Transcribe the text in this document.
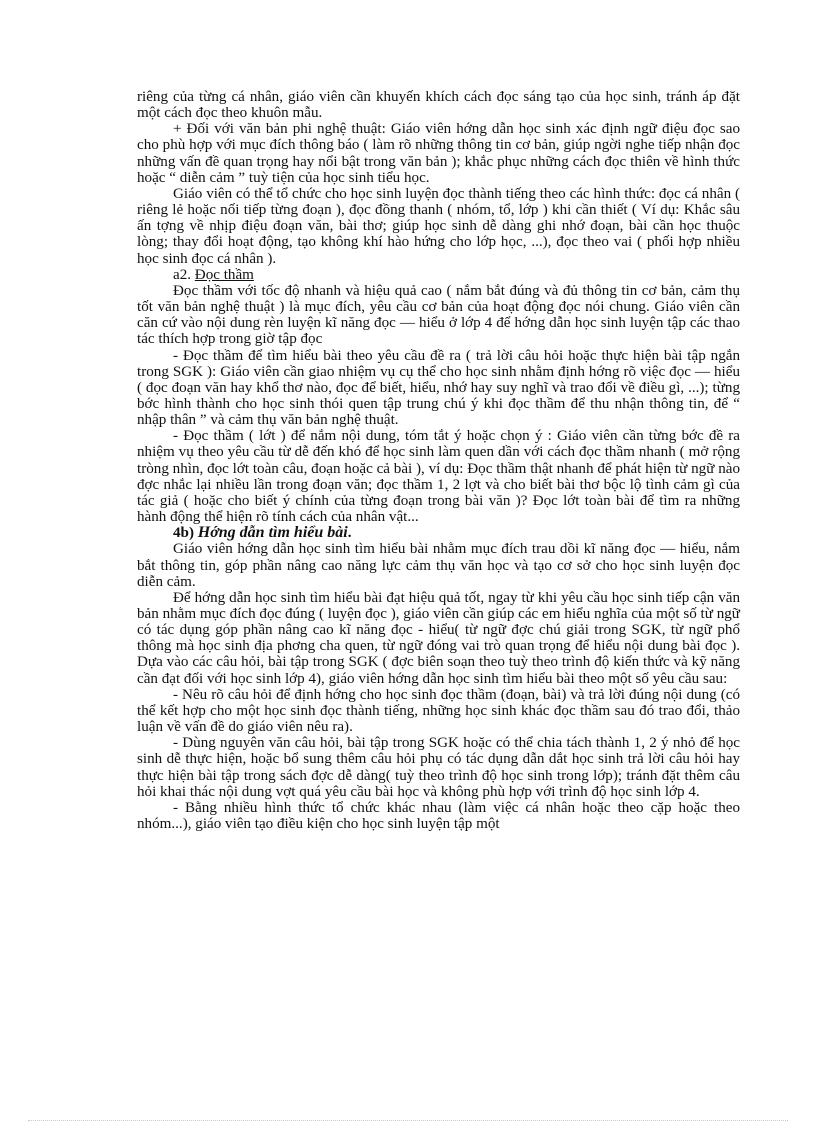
riêng của từng cá nhân, giáo viên cần khuyến khích cách đọc sáng tạo của học sinh, tránh áp đặt một cách đọc theo khuôn mẫu.

+ Đối với văn bản phi nghệ thuật: Giáo viên hớng dẫn học sinh xác định ngữ điệu đọc sao cho phù hợp với mục đích thông báo ( làm rõ những thông tin cơ bản, giúp ngời nghe tiếp nhận đọc những vấn đề quan trọng hay nổi bật trong văn bản ); khắc phục những cách đọc thiên về hình thức hoặc “ diễn cảm ” tuỳ tiện của học sinh tiểu học.

Giáo viên có thể tổ chức cho học sinh luyện đọc thành tiếng theo các hình thức: đọc cá nhân ( riêng lẻ hoặc nối tiếp từng đoạn ), đọc đồng thanh ( nhóm, tổ, lớp ) khi cần thiết ( Ví dụ: Khắc sâu ấn tợng về nhịp điệu đoạn văn, bài thơ; giúp học sinh dễ dàng ghi nhớ đoạn, bài cần học thuộc lòng; thay đổi hoạt động, tạo không khí hào hứng cho lớp học, ...), đọc theo vai ( phối hợp nhiều học sinh đọc cá nhân ).

a2. Đọc thầm

Đọc thầm với tốc độ nhanh và hiệu quả cao ( nắm bắt đúng và đủ thông tin cơ bản, cảm thụ tốt văn bản nghệ thuật ) là mục đích, yêu cầu cơ bản của hoạt động đọc nói chung. Giáo viên cần căn cứ vào nội dung rèn luyện kĩ năng đọc — hiểu ở lớp 4 để hớng dẫn học sinh luyện tập các thao tác thích hợp trong giờ tập đọc

- Đọc thầm để tìm hiểu bài theo yêu cầu đề ra ( trả lời câu hỏi hoặc thực hiện bài tập ngắn trong SGK ): Giáo viên cần giao nhiệm vụ cụ thể cho học sinh nhằm định hớng rõ việc đọc — hiểu ( đọc đoạn văn hay khổ thơ nào, đọc để biết, hiểu, nhớ hay suy nghĩ và trao đổi về điều gì, ...); từng bớc hình thành cho học sinh thói quen tập trung chú ý khi đọc thầm để thu nhận thông tin, để “ nhập thân ” và cảm thụ văn bản nghệ thuật.

- Đọc thầm ( lớt ) để nắm nội dung, tóm tắt ý hoặc chọn ý : Giáo viên cần từng bớc đề ra nhiệm vụ theo yêu cầu từ dễ đến khó để học sinh làm quen dần với cách đọc thầm nhanh ( mở rộng tròng nhìn, đọc lớt toàn câu, đoạn hoặc cả bài ), ví dụ: Đọc thầm thật nhanh để phát hiện từ ngữ nào đợc nhắc lại nhiều lần trong đoạn văn; đọc thầm 1, 2 lợt và cho biết bài thơ bộc lộ tình cảm gì của tác giả ( hoặc cho biết ý chính của từng đoạn trong bài văn )? Đọc lớt toàn bài để tìm ra những hành động thể hiện rõ tính cách của nhân vật...

4b) Hớng dẫn tìm hiểu bài.

Giáo viên hớng dẫn học sinh tìm hiểu bài nhằm mục đích trau dồi kĩ năng đọc — hiểu, nắm bắt thông tin, góp phần nâng cao năng lực cảm thụ văn học và tạo cơ sở cho học sinh luyện đọc diễn cảm.

Để hớng dẫn học sinh tìm hiểu bài đạt hiệu quả tốt, ngay từ khi yêu cầu học sinh tiếp cận văn bản nhằm mục đích đọc đúng ( luyện đọc ), giáo viên cần giúp các em hiểu nghĩa của một số từ ngữ có tác dụng góp phần nâng cao kĩ năng đọc - hiểu( từ ngữ đợc chú giải trong SGK, từ ngữ phổ thông mà học sinh địa phơng cha quen, từ ngữ đóng vai trò quan trọng để hiểu nội dung bài đọc ). Dựa vào các câu hỏi, bài tập trong SGK ( đợc biên soạn theo tuỳ theo trình độ kiến thức và kỹ năng cần đạt đối với học sinh lớp 4), giáo viên hớng dẫn học sinh tìm hiểu bài theo một số yêu cầu sau:

- Nêu rõ câu hỏi để định hớng cho học sinh đọc thầm (đoạn, bài) và trả lời đúng nội dung (có thể kết hợp cho một học sinh đọc thành tiếng, những học sinh khác đọc thầm sau đó trao đổi, thảo luận về vấn đề do giáo viên nêu ra).

- Dùng nguyên văn câu hỏi, bài tập trong SGK hoặc có thể chia tách thành 1, 2 ý nhỏ để học sinh dễ thực hiện, hoặc bổ sung thêm câu hỏi phụ có tác dụng dẫn dắt học sinh trả lời câu hỏi hay thực hiện bài tập trong sách đợc dễ dàng( tuỳ theo trình độ học sinh trong lớp); tránh đặt thêm câu hỏi khai thác nội dung vợt quá yêu cầu bài học và không phù hợp với trình độ học sinh lớp 4.

- Bằng nhiều hình thức tổ chức khác nhau (làm việc cá nhân hoặc theo cặp hoặc theo nhóm...), giáo viên tạo điều kiện cho học sinh luyện tập một
